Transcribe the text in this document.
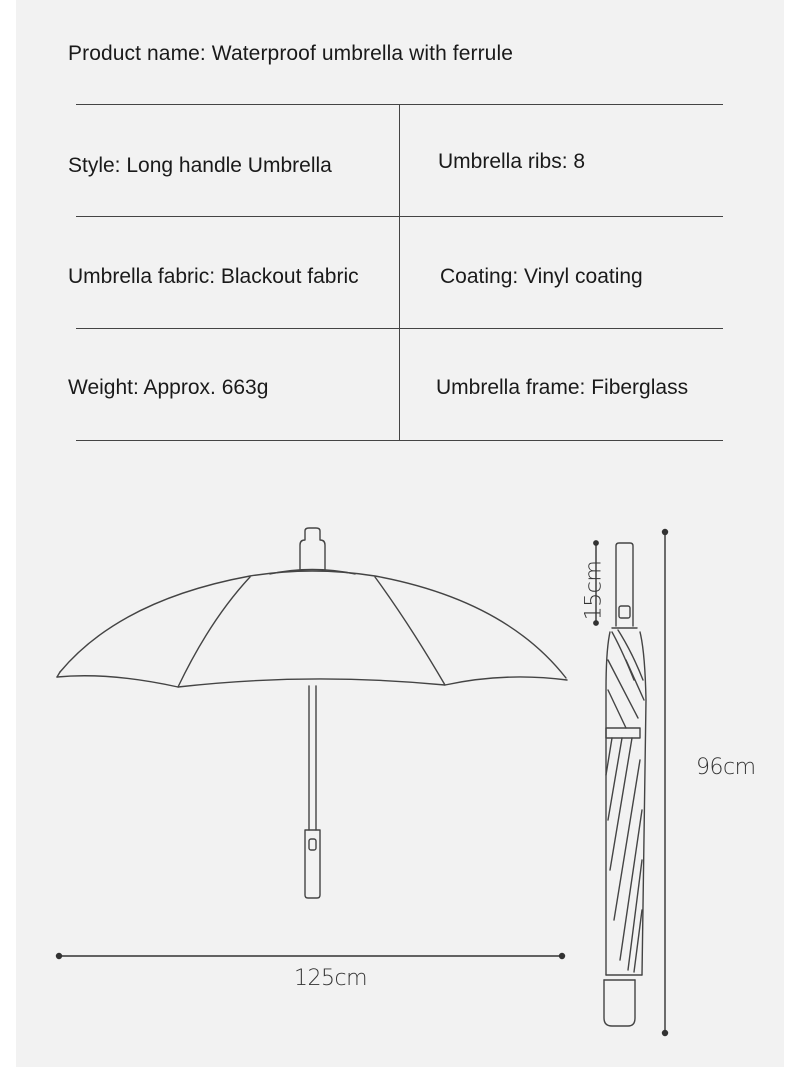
Product name: Waterproof umbrella with ferrule
Style: Long handle Umbrella	Umbrella ribs: 8
Umbrella fabric: Blackout fabric	Coating: Vinyl coating
Weight: Approx. 663g	Umbrella frame: Fiberglass
125cm
96cm
15cm
